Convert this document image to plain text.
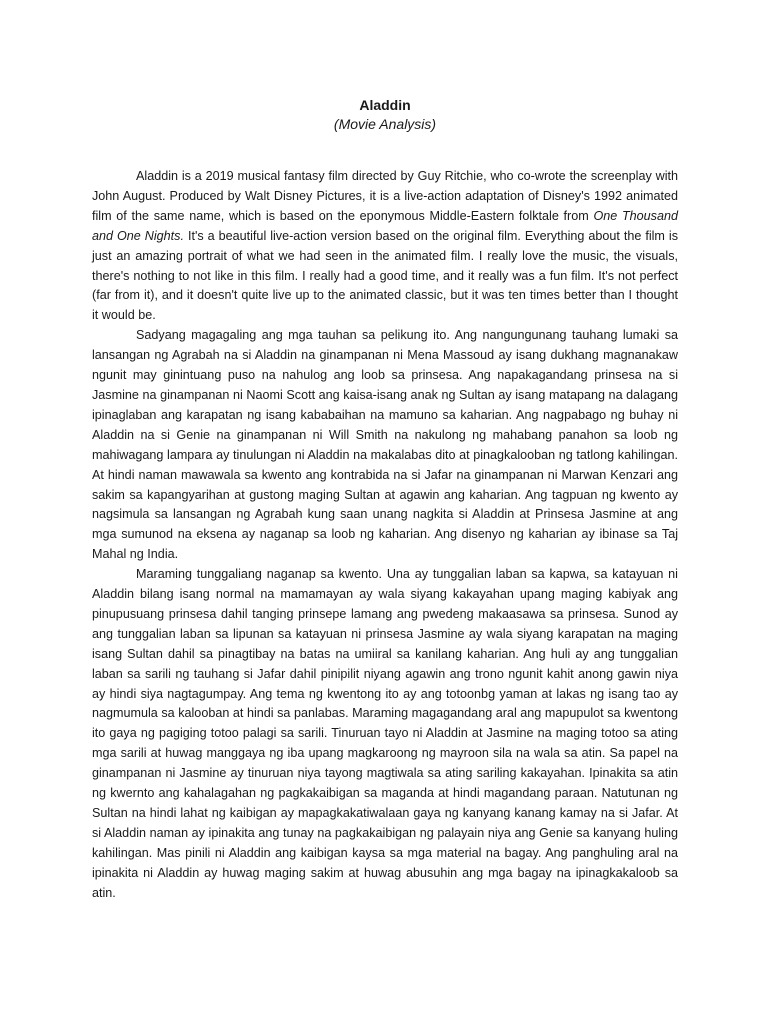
Aladdin
(Movie Analysis)

Aladdin is a 2019 musical fantasy film directed by Guy Ritchie, who co-wrote the screenplay with John August. Produced by Walt Disney Pictures, it is a live-action adaptation of Disney's 1992 animated film of the same name, which is based on the eponymous Middle-Eastern folktale from One Thousand and One Nights. It's a beautiful live-action version based on the original film. Everything about the film is just an amazing portrait of what we had seen in the animated film. I really love the music, the visuals, there's nothing to not like in this film. I really had a good time, and it really was a fun film. It's not perfect (far from it), and it doesn't quite live up to the animated classic, but it was ten times better than I thought it would be.

Sadyang magagaling ang mga tauhan sa pelikung ito. Ang nangungunang tauhang lumaki sa lansangan ng Agrabah na si Aladdin na ginampanan ni Mena Massoud ay isang dukhang magnanakaw ngunit may ginintuang puso na nahulog ang loob sa prinsesa. Ang napakagandang prinsesa na si Jasmine na ginampanan ni Naomi Scott ang kaisa-isang anak ng Sultan ay isang matapang na dalagang ipinaglaban ang karapatan ng isang kababaihan na mamuno sa kaharian. Ang nagpabago ng buhay ni Aladdin na si Genie na ginampanan ni Will Smith na nakulong ng mahabang panahon sa loob ng mahiwagang lampara ay tinulungan ni Aladdin na makalabas dito at pinagkalooban ng tatlong kahilingan. At hindi naman mawawala sa kwento ang kontrabida na si Jafar na ginampanan ni Marwan Kenzari ang sakim sa kapangyarihan at gustong maging Sultan at agawin ang kaharian. Ang tagpuan ng kwento ay nagsimula sa lansangan ng Agrabah kung saan unang nagkita si Aladdin at Prinsesa Jasmine at ang mga sumunod na eksena ay naganap sa loob ng kaharian. Ang disenyo ng kaharian ay ibinase sa Taj Mahal ng India.

Maraming tunggaliang naganap sa kwento. Una ay tunggalian laban sa kapwa, sa katayuan ni Aladdin bilang isang normal na mamamayan ay wala siyang kakayahan upang maging kabiyak ang pinupusuang prinsesa dahil tanging prinsepe lamang ang pwedeng makaasawa sa prinsesa. Sunod ay ang tunggalian laban sa lipunan sa katayuan ni prinsesa Jasmine ay wala siyang karapatan na maging isang Sultan dahil sa pinagtibay na batas na umiiral sa kanilang kaharian. Ang huli ay ang tunggalian laban sa sarili ng tauhang si Jafar dahil pinipilit niyang agawin ang trono ngunit kahit anong gawin niya ay hindi siya nagtagumpay. Ang tema ng kwentong ito ay ang totoonbg yaman at lakas ng isang tao ay nagmumula sa kalooban at hindi sa panlabas. Maraming magagandang aral ang mapupulot sa kwentong ito gaya ng pagiging totoo palagi sa sarili. Tinuruan tayo ni Aladdin at Jasmine na maging totoo sa ating mga sarili at huwag manggaya ng iba upang magkaroong ng mayroon sila na wala sa atin. Sa papel na ginampanan ni Jasmine ay tinuruan niya tayong magtiwala sa ating sariling kakayahan. Ipinakita sa atin ng kwernto ang kahalagahan ng pagkakaibigan sa maganda at hindi magandang paraan. Natutunan ng Sultan na hindi lahat ng kaibigan ay mapagkakatiwalaan gaya ng kanyang kanang kamay na si Jafar. At si Aladdin naman ay ipinakita ang tunay na pagkakaibigan ng palayain niya ang Genie sa kanyang huling kahilingan. Mas pinili ni Aladdin ang kaibigan kaysa sa mga material na bagay. Ang panghuling aral na ipinakita ni Aladdin ay huwag maging sakim at huwag abusuhin ang mga bagay na ipinagkakaloob sa atin.
